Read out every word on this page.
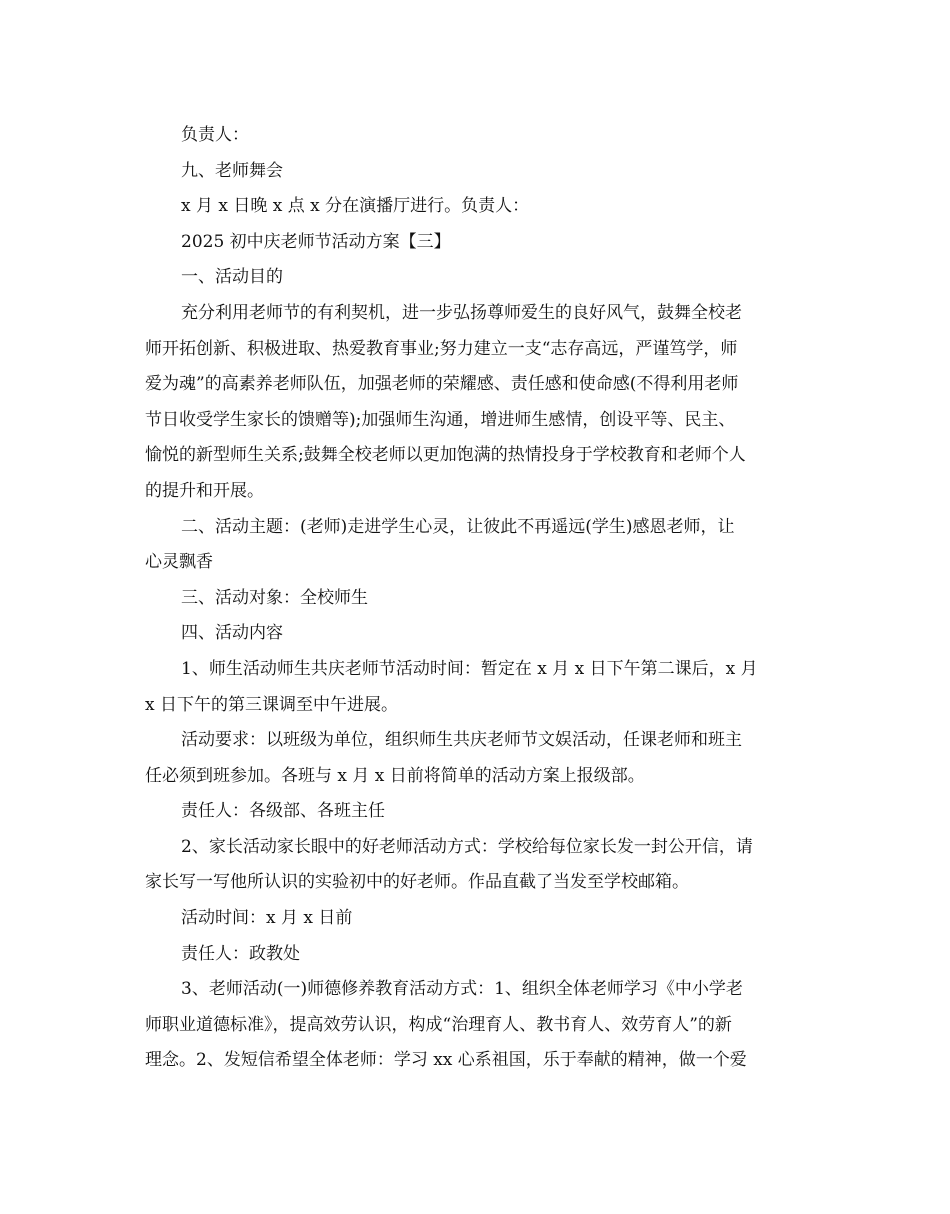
负责人：
九、老师舞会
x 月 x 日晚 x 点 x 分在演播厅进行。负责人：
2025 初中庆老师节活动方案【三】
一、活动目的
充分利用老师节的有利契机，进一步弘扬尊师爱生的良好风气，鼓舞全校老
师开拓创新、积极进取、热爱教育事业;努力建立一支“志存高远，严谨笃学，师
爱为魂”的高素养老师队伍，加强老师的荣耀感、责任感和使命感(不得利用老师
节日收受学生家长的馈赠等);加强师生沟通，增进师生感情，创设平等、民主、
愉悦的新型师生关系;鼓舞全校老师以更加饱满的热情投身于学校教育和老师个人
的提升和开展。
二、活动主题：(老师)走进学生心灵，让彼此不再遥远(学生)感恩老师，让
心灵飘香
三、活动对象：全校师生
四、活动内容
1、师生活动师生共庆老师节活动时间：暂定在 x 月 x 日下午第二课后，x 月
x 日下午的第三课调至中午进展。
活动要求：以班级为单位，组织师生共庆老师节文娱活动，任课老师和班主
任必须到班参加。各班与 x 月 x 日前将简单的活动方案上报级部。
责任人：各级部、各班主任
2、家长活动家长眼中的好老师活动方式：学校给每位家长发一封公开信，请
家长写一写他所认识的实验初中的好老师。作品直截了当发至学校邮箱。
活动时间：x 月 x 日前
责任人：政教处
3、老师活动(一)师德修养教育活动方式：1、组织全体老师学习《中小学老
师职业道德标准》，提高效劳认识，构成“治理育人、教书育人、效劳育人”的新
理念。2、发短信希望全体老师：学习 xx 心系祖国，乐于奉献的精神，做一个爱
